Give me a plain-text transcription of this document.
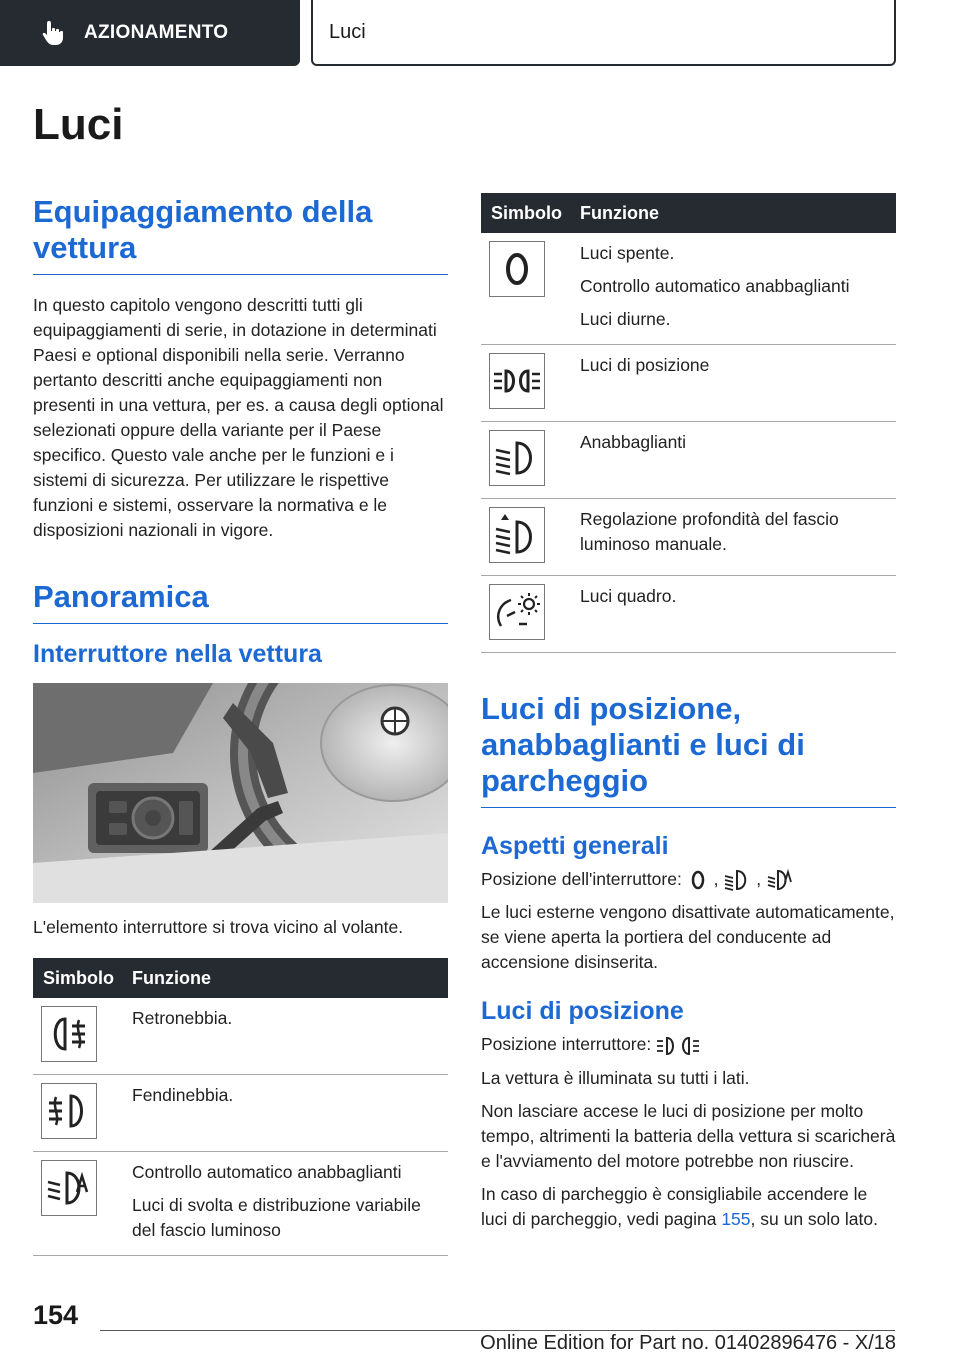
AZIONAMENTO	Luci
Luci
Equipaggiamento della vettura

In questo capitolo vengono descritti tutti gli equipaggiamenti di serie, in dotazione in determinati Paesi e optional disponibili nella serie. Verranno pertanto descritti anche equipaggiamenti non presenti in una vettura, per es. a causa degli optional selezionati oppure della variante per il Paese specifico. Questo vale anche per le funzioni e i sistemi di sicurezza. Per utilizzare le rispettive funzioni e sistemi, osservare la normativa e le disposizioni nazionali in vigore.

Panoramica
Interruttore nella vettura

L'elemento interruttore si trova vicino al volante.

Simbolo	Funzione

Retronebbia.

Fendinebbia.

Controllo automatico anabbaglianti
Luci di svolta e distribuzione variabile del fascio luminoso
Simbolo	Funzione

Luci spente.
Controllo automatico anabbaglianti
Luci diurne.

Luci di posizione

Anabbaglianti

Regolazione profondità del fascio luminoso manuale.

Luci quadro.
Luci di posizione, anabbaglianti e luci di parcheggio
Aspetti generali

Posizione dell'interruttore: , ,

Le luci esterne vengono disattivate automaticamente, se viene aperta la portiera del conducente ad accensione disinserita.

Luci di posizione

Posizione interruttore:

La vettura è illuminata su tutti i lati.

Non lasciare accese le luci di posizione per molto tempo, altrimenti la batteria della vettura si scaricherà e l'avviamento del motore potrebbe non riuscire.

In caso di parcheggio è consigliabile accendere le luci di parcheggio, vedi pagina 155, su un solo lato.

154
Online Edition for Part no. 01402896476 - X/18
